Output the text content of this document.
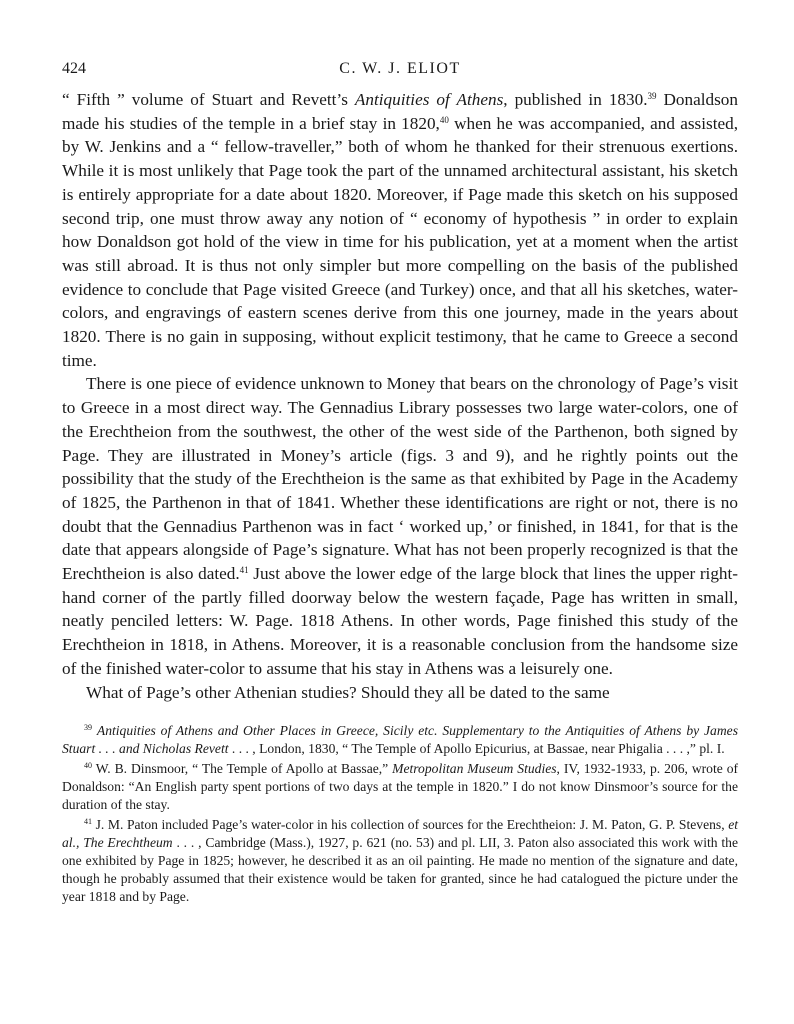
424	C. W. J. ELIOT

“ Fifth ” volume of Stuart and Revett’s Antiquities of Athens, published in 1830.39 Donaldson made his studies of the temple in a brief stay in 1820,40 when he was accompanied, and assisted, by W. Jenkins and a “ fellow-traveller,” both of whom he thanked for their strenuous exertions. While it is most unlikely that Page took the part of the unnamed architectural assistant, his sketch is entirely appropriate for a date about 1820. Moreover, if Page made this sketch on his supposed second trip, one must throw away any notion of “ economy of hypothesis ” in order to explain how Donaldson got hold of the view in time for his publication, yet at a moment when the artist was still abroad. It is thus not only simpler but more compelling on the basis of the published evidence to conclude that Page visited Greece (and Turkey) once, and that all his sketches, water-colors, and engravings of eastern scenes derive from this one journey, made in the years about 1820. There is no gain in supposing, without explicit testimony, that he came to Greece a second time.

There is one piece of evidence unknown to Money that bears on the chronology of Page’s visit to Greece in a most direct way. The Gennadius Library possesses two large water-colors, one of the Erechtheion from the southwest, the other of the west side of the Parthenon, both signed by Page. They are illustrated in Money’s article (figs. 3 and 9), and he rightly points out the possibility that the study of the Erechtheion is the same as that exhibited by Page in the Academy of 1825, the Parthenon in that of 1841. Whether these identifications are right or not, there is no doubt that the Gennadius Parthenon was in fact ‘ worked up,’ or finished, in 1841, for that is the date that appears alongside of Page’s signature. What has not been properly recognized is that the Erechtheion is also dated.$^{41}$ Just above the lower edge of the large block that lines the upper right-hand corner of the partly filled doorway below the western façade, Page has written in small, neatly penciled letters: W. Page. 1818 Athens. In other words, Page finished this study of the Erechtheion in 1818, in Athens. Moreover, it is a reasonable conclusion from the handsome size of the finished water-color to assume that his stay in Athens was a leisurely one.

What of Page’s other Athenian studies? Should they all be dated to the same

$^{39}$ Antiquities of Athens and Other Places in Greece, Sicily etc. Supplementary to the Antiquities of Athens by James Stuart . . . and Nicholas Revett . . . , London, 1830, “ The Temple of Apollo Epicurius, at Bassae, near Phigalia . . . ,” pl. I.

$^{40}$ W. B. Dinsmoor, “ The Temple of Apollo at Bassae,” Metropolitan Museum Studies, IV, 1932-1933, p. 206, wrote of Donaldson: “An English party spent portions of two days at the temple in 1820.” I do not know Dinsmoor’s source for the duration of the stay.

$^{41}$ J. M. Paton included Page’s water-color in his collection of sources for the Erechtheion: J. M. Paton, G. P. Stevens, et al., The Erechtheum . . . , Cambridge (Mass.), 1927, p. 621 (no. 53) and pl. LII, 3. Paton also associated this work with the one exhibited by Page in 1825; however, he described it as an oil painting. He made no mention of the signature and date, though he probably assumed that their existence would be taken for granted, since he had catalogued the picture under the year 1818 and by Page.
